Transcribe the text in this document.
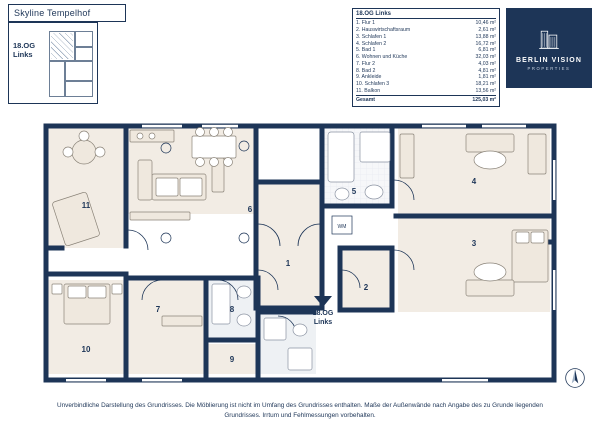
Skyline Tempelhof
18.OG
Links
18.OG Links
1. Flur 1	10,46 m²
2. Hauswirtschaftsraum	2,61 m²
3. Schlafen 1	13,88 m²
4. Schlafen 2	16,72 m²
5. Bad 1	6,81 m²
6. Wohnen und Küche	32,03 m²
7. Flur 2	4,03 m²
8. Bad 2	4,81 m²
9. Ankleide	1,81 m²
10. Schlafen 3	18,21 m²
11. Balkon	13,56 m²
Gesamt	125,03 m²
BERLIN VISION
PROPERTIES
WM
6
1
5
4
3
2
11
7	8
9
10
18.OG
Links
Unverbindliche Darstellung des Grundrisses. Die Möblierung ist nicht im Umfang des Grundrisses enthalten. Maße der Außenwände nach Angabe des zu Grunde liegenden
Grundrisses. Irrtum und Fehlmessungen vorbehalten.
